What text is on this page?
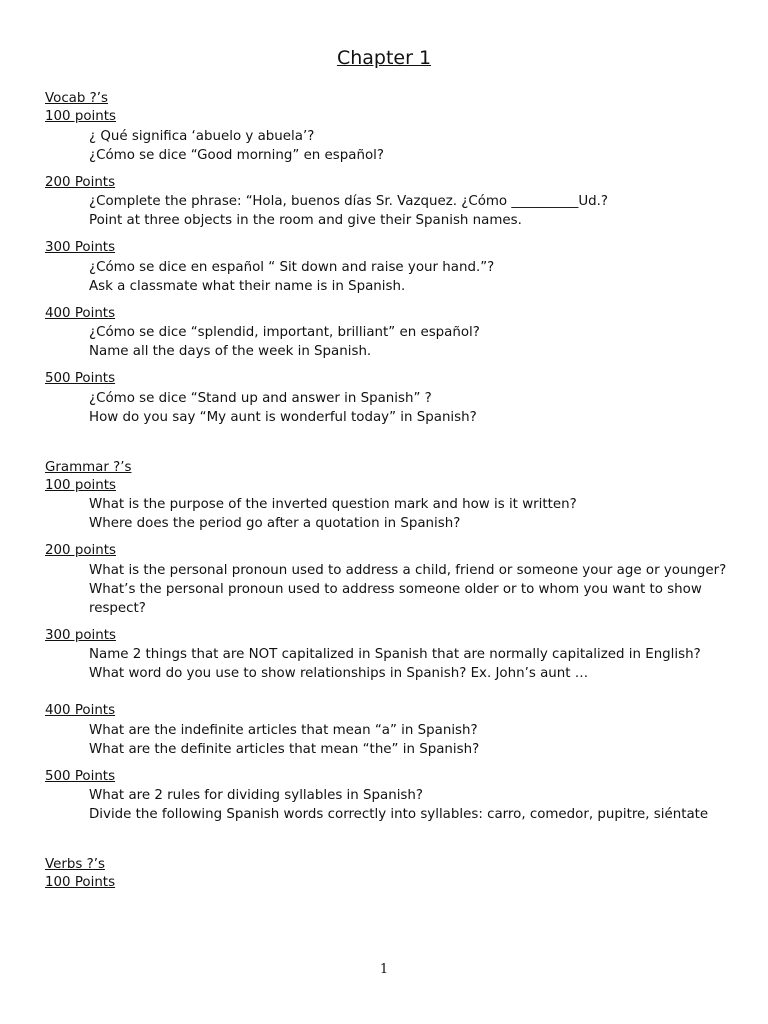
Chapter 1
Vocab ?’s
100 points
¿ Qué significa ‘abuelo y abuela’?
¿Cómo se dice “Good morning” en español?
200 Points
¿Complete the phrase: “Hola, buenos días Sr. Vazquez. ¿Cómo __________Ud.?
Point at three objects in the room and give their Spanish names.
300 Points
¿Cómo se dice en español “ Sit down and raise your hand.”?
Ask a classmate what their name is in Spanish.
400 Points
¿Cómo se dice “splendid, important, brilliant” en español?
Name all the days of the week in Spanish.
500 Points
¿Cómo se dice “Stand up and answer in Spanish” ?
How do you say “My aunt is wonderful today” in Spanish?
Grammar ?’s
100 points
What is the purpose of the inverted question mark and how is it written?
Where does the period go after a quotation in Spanish?
200 points
What is the personal pronoun used to address a child, friend or someone your age or younger?
What’s the personal pronoun used to address someone older or to whom you want to show respect?
300 points
Name 2 things that are NOT capitalized in Spanish that are normally capitalized in English?
What word do you use to show relationships in Spanish? Ex. John’s aunt …
400 Points
What are the indefinite articles that mean “a” in Spanish?
What are the definite articles that mean “the” in Spanish?
500 Points
What are 2 rules for dividing syllables in Spanish?
Divide the following Spanish words correctly into syllables: carro, comedor, pupitre, siéntate
Verbs ?’s
100 Points
1
